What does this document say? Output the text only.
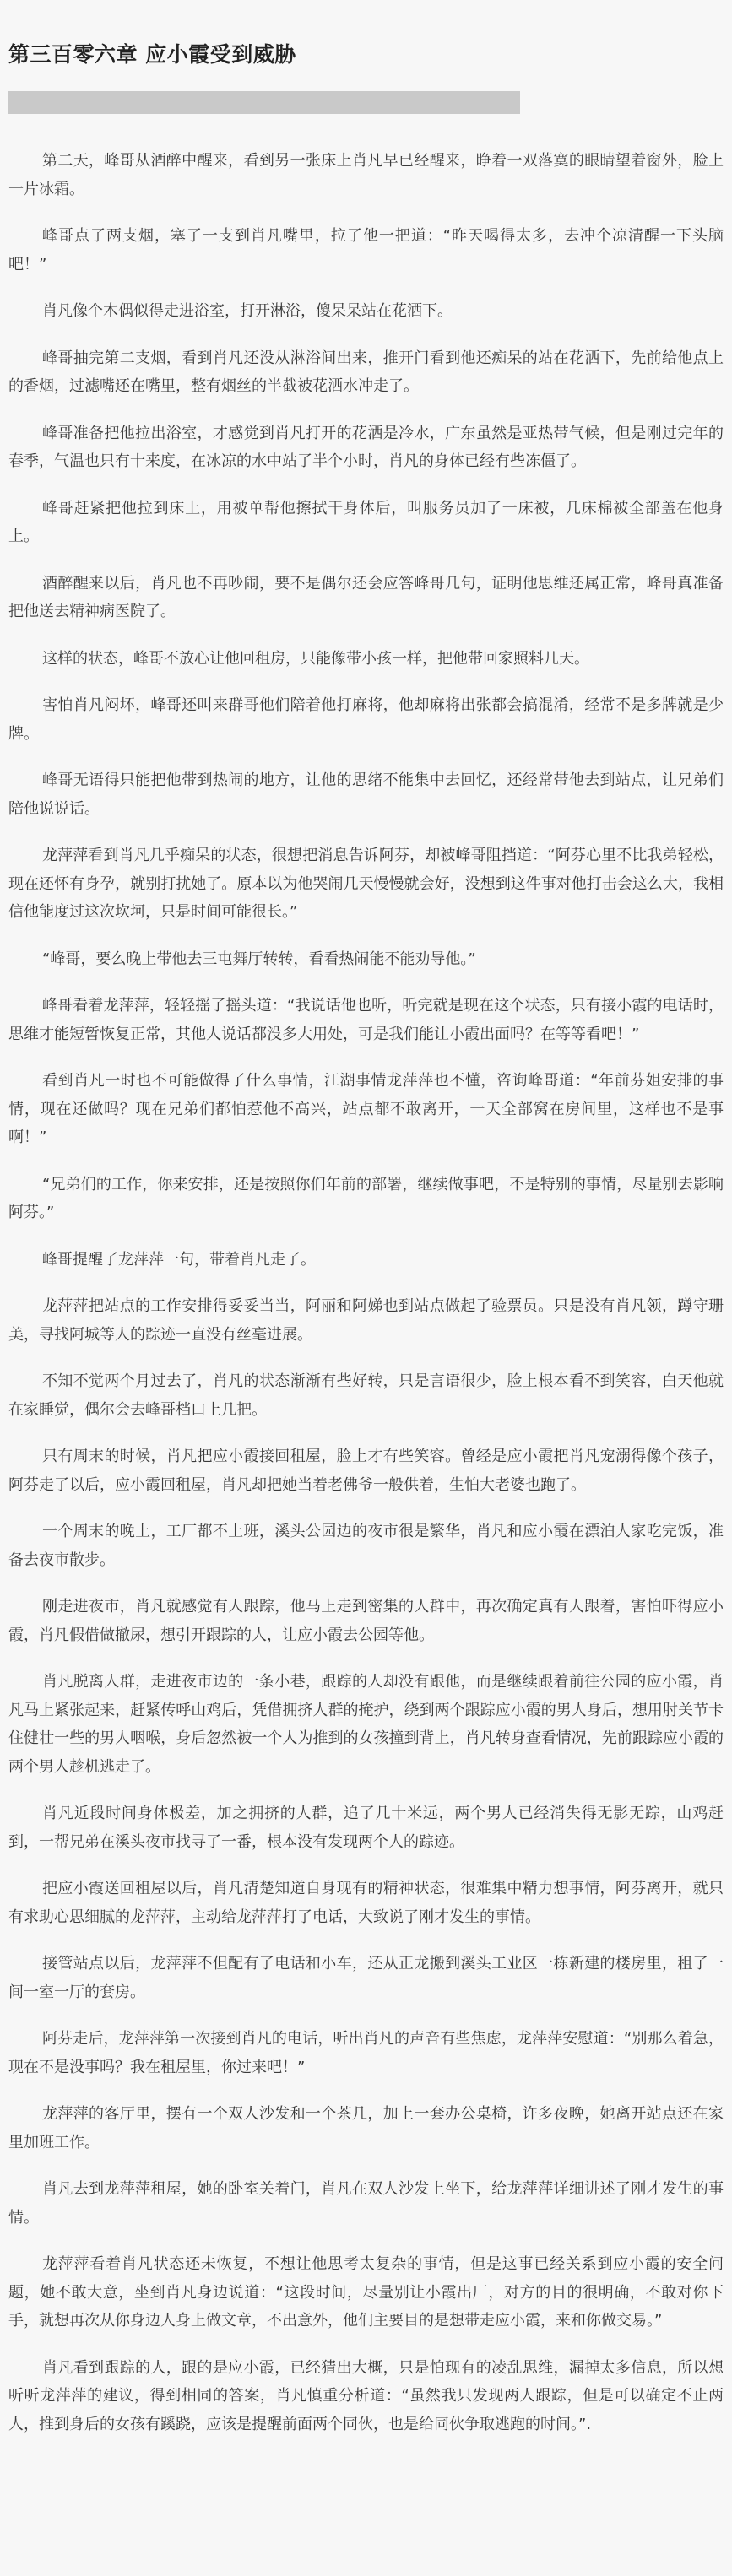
第三百零六章 应小霞受到威胁

第二天，峰哥从酒醉中醒来，看到另一张床上肖凡早已经醒来，睁着一双落寞的眼睛望着窗外，脸上一片冰霜。

峰哥点了两支烟，塞了一支到肖凡嘴里，拉了他一把道：“昨天喝得太多，去冲个凉清醒一下头脑吧！”

肖凡像个木偶似得走进浴室，打开淋浴，傻呆呆站在花洒下。

峰哥抽完第二支烟，看到肖凡还没从淋浴间出来，推开门看到他还痴呆的站在花洒下，先前给他点上的香烟，过滤嘴还在嘴里，整有烟丝的半截被花洒水冲走了。

峰哥准备把他拉出浴室，才感觉到肖凡打开的花洒是冷水，广东虽然是亚热带气候，但是刚过完年的春季，气温也只有十来度，在冰凉的水中站了半个小时，肖凡的身体已经有些冻僵了。

峰哥赶紧把他拉到床上，用被单帮他擦拭干身体后，叫服务员加了一床被，几床棉被全部盖在他身上。

酒醉醒来以后，肖凡也不再吵闹，要不是偶尔还会应答峰哥几句，证明他思维还属正常，峰哥真准备把他送去精神病医院了。

这样的状态，峰哥不放心让他回租房，只能像带小孩一样，把他带回家照料几天。

害怕肖凡闷坏，峰哥还叫来群哥他们陪着他打麻将，他却麻将出张都会搞混淆，经常不是多牌就是少牌。

峰哥无语得只能把他带到热闹的地方，让他的思绪不能集中去回忆，还经常带他去到站点，让兄弟们陪他说说话。

龙萍萍看到肖凡几乎痴呆的状态，很想把消息告诉阿芬，却被峰哥阻挡道：“阿芬心里不比我弟轻松，现在还怀有身孕，就别打扰她了。原本以为他哭闹几天慢慢就会好，没想到这件事对他打击会这么大，我相信他能度过这次坎坷，只是时间可能很长。”

“峰哥，要么晚上带他去三屯舞厅转转，看看热闹能不能劝导他。”

峰哥看着龙萍萍，轻轻摇了摇头道：“我说话他也听，听完就是现在这个状态，只有接小霞的电话时，思维才能短暂恢复正常，其他人说话都没多大用处，可是我们能让小霞出面吗？在等等看吧！”

看到肖凡一时也不可能做得了什么事情，江湖事情龙萍萍也不懂，咨询峰哥道：“年前芬姐安排的事情，现在还做吗？现在兄弟们都怕惹他不高兴，站点都不敢离开，一天全部窝在房间里，这样也不是事啊！”

“兄弟们的工作，你来安排，还是按照你们年前的部署，继续做事吧，不是特别的事情，尽量别去影响阿芬。”

峰哥提醒了龙萍萍一句，带着肖凡走了。

龙萍萍把站点的工作安排得妥妥当当，阿丽和阿娣也到站点做起了验票员。只是没有肖凡领，蹲守珊美，寻找阿城等人的踪迹一直没有丝毫进展。

不知不觉两个月过去了，肖凡的状态渐渐有些好转，只是言语很少，脸上根本看不到笑容，白天他就在家睡觉，偶尔会去峰哥档口上几把。

只有周末的时候，肖凡把应小霞接回租屋，脸上才有些笑容。曾经是应小霞把肖凡宠溺得像个孩子，阿芬走了以后，应小霞回租屋，肖凡却把她当着老佛爷一般供着，生怕大老婆也跑了。

一个周末的晚上，工厂都不上班，溪头公园边的夜市很是繁华，肖凡和应小霞在漂泊人家吃完饭，准备去夜市散步。

刚走进夜市，肖凡就感觉有人跟踪，他马上走到密集的人群中，再次确定真有人跟着，害怕吓得应小霞，肖凡假借做撤尿，想引开跟踪的人，让应小霞去公园等他。

肖凡脱离人群，走进夜市边的一条小巷，跟踪的人却没有跟他，而是继续跟着前往公园的应小霞，肖凡马上紧张起来，赶紧传呼山鸡后，凭借拥挤人群的掩护，绕到两个跟踪应小霞的男人身后，想用肘关节卡住健壮一些的男人咽喉，身后忽然被一个人为推到的女孩撞到背上，肖凡转身查看情况，先前跟踪应小霞的两个男人趁机逃走了。

肖凡近段时间身体极差，加之拥挤的人群，追了几十米远，两个男人已经消失得无影无踪，山鸡赶到，一帮兄弟在溪头夜市找寻了一番，根本没有发现两个人的踪迹。

把应小霞送回租屋以后，肖凡清楚知道自身现有的精神状态，很难集中精力想事情，阿芬离开，就只有求助心思细腻的龙萍萍，主动给龙萍萍打了电话，大致说了刚才发生的事情。

接管站点以后，龙萍萍不但配有了电话和小车，还从正龙搬到溪头工业区一栋新建的楼房里，租了一间一室一厅的套房。

阿芬走后，龙萍萍第一次接到肖凡的电话，听出肖凡的声音有些焦虑，龙萍萍安慰道：“别那么着急，现在不是没事吗？我在租屋里，你过来吧！”

龙萍萍的客厅里，摆有一个双人沙发和一个茶几，加上一套办公桌椅，许多夜晚，她离开站点还在家里加班工作。

肖凡去到龙萍萍租屋，她的卧室关着门，肖凡在双人沙发上坐下，给龙萍萍详细讲述了刚才发生的事情。

龙萍萍看着肖凡状态还未恢复，不想让他思考太复杂的事情，但是这事已经关系到应小霞的安全问题，她不敢大意，坐到肖凡身边说道：“这段时间，尽量别让小霞出厂，对方的目的很明确，不敢对你下手，就想再次从你身边人身上做文章，不出意外，他们主要目的是想带走应小霞，来和你做交易。”

肖凡看到跟踪的人，跟的是应小霞，已经猜出大概，只是怕现有的凌乱思维，漏掉太多信息，所以想听听龙萍萍的建议，得到相同的答案，肖凡慎重分析道：“虽然我只发现两人跟踪，但是可以确定不止两人，推到身后的女孩有蹊跷，应该是提醒前面两个同伙，也是给同伙争取逃跑的时间。”.
